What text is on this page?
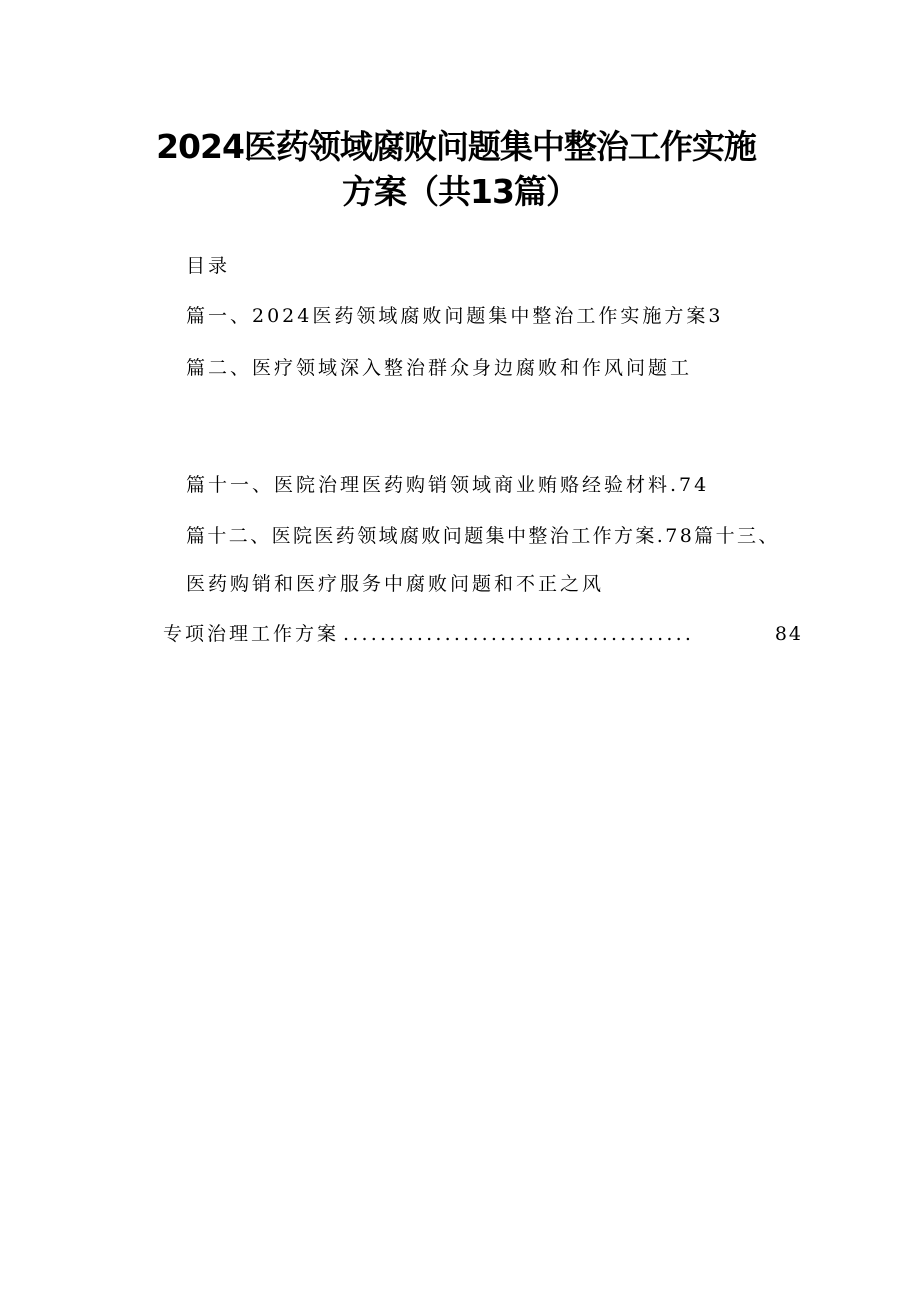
2024医药领域腐败问题集中整治工作实施
方案（共13篇）
目录
篇一、2024医药领域腐败问题集中整治工作实施方案3
篇二、医疗领域深入整治群众身边腐败和作风问题工
篇十一、医院治理医药购销领域商业贿赂经验材料.74
篇十二、医院医药领域腐败问题集中整治工作方案.78篇十三、
医药购销和医疗服务中腐败问题和不正之风
专项治理工作方案 ......................................	84
